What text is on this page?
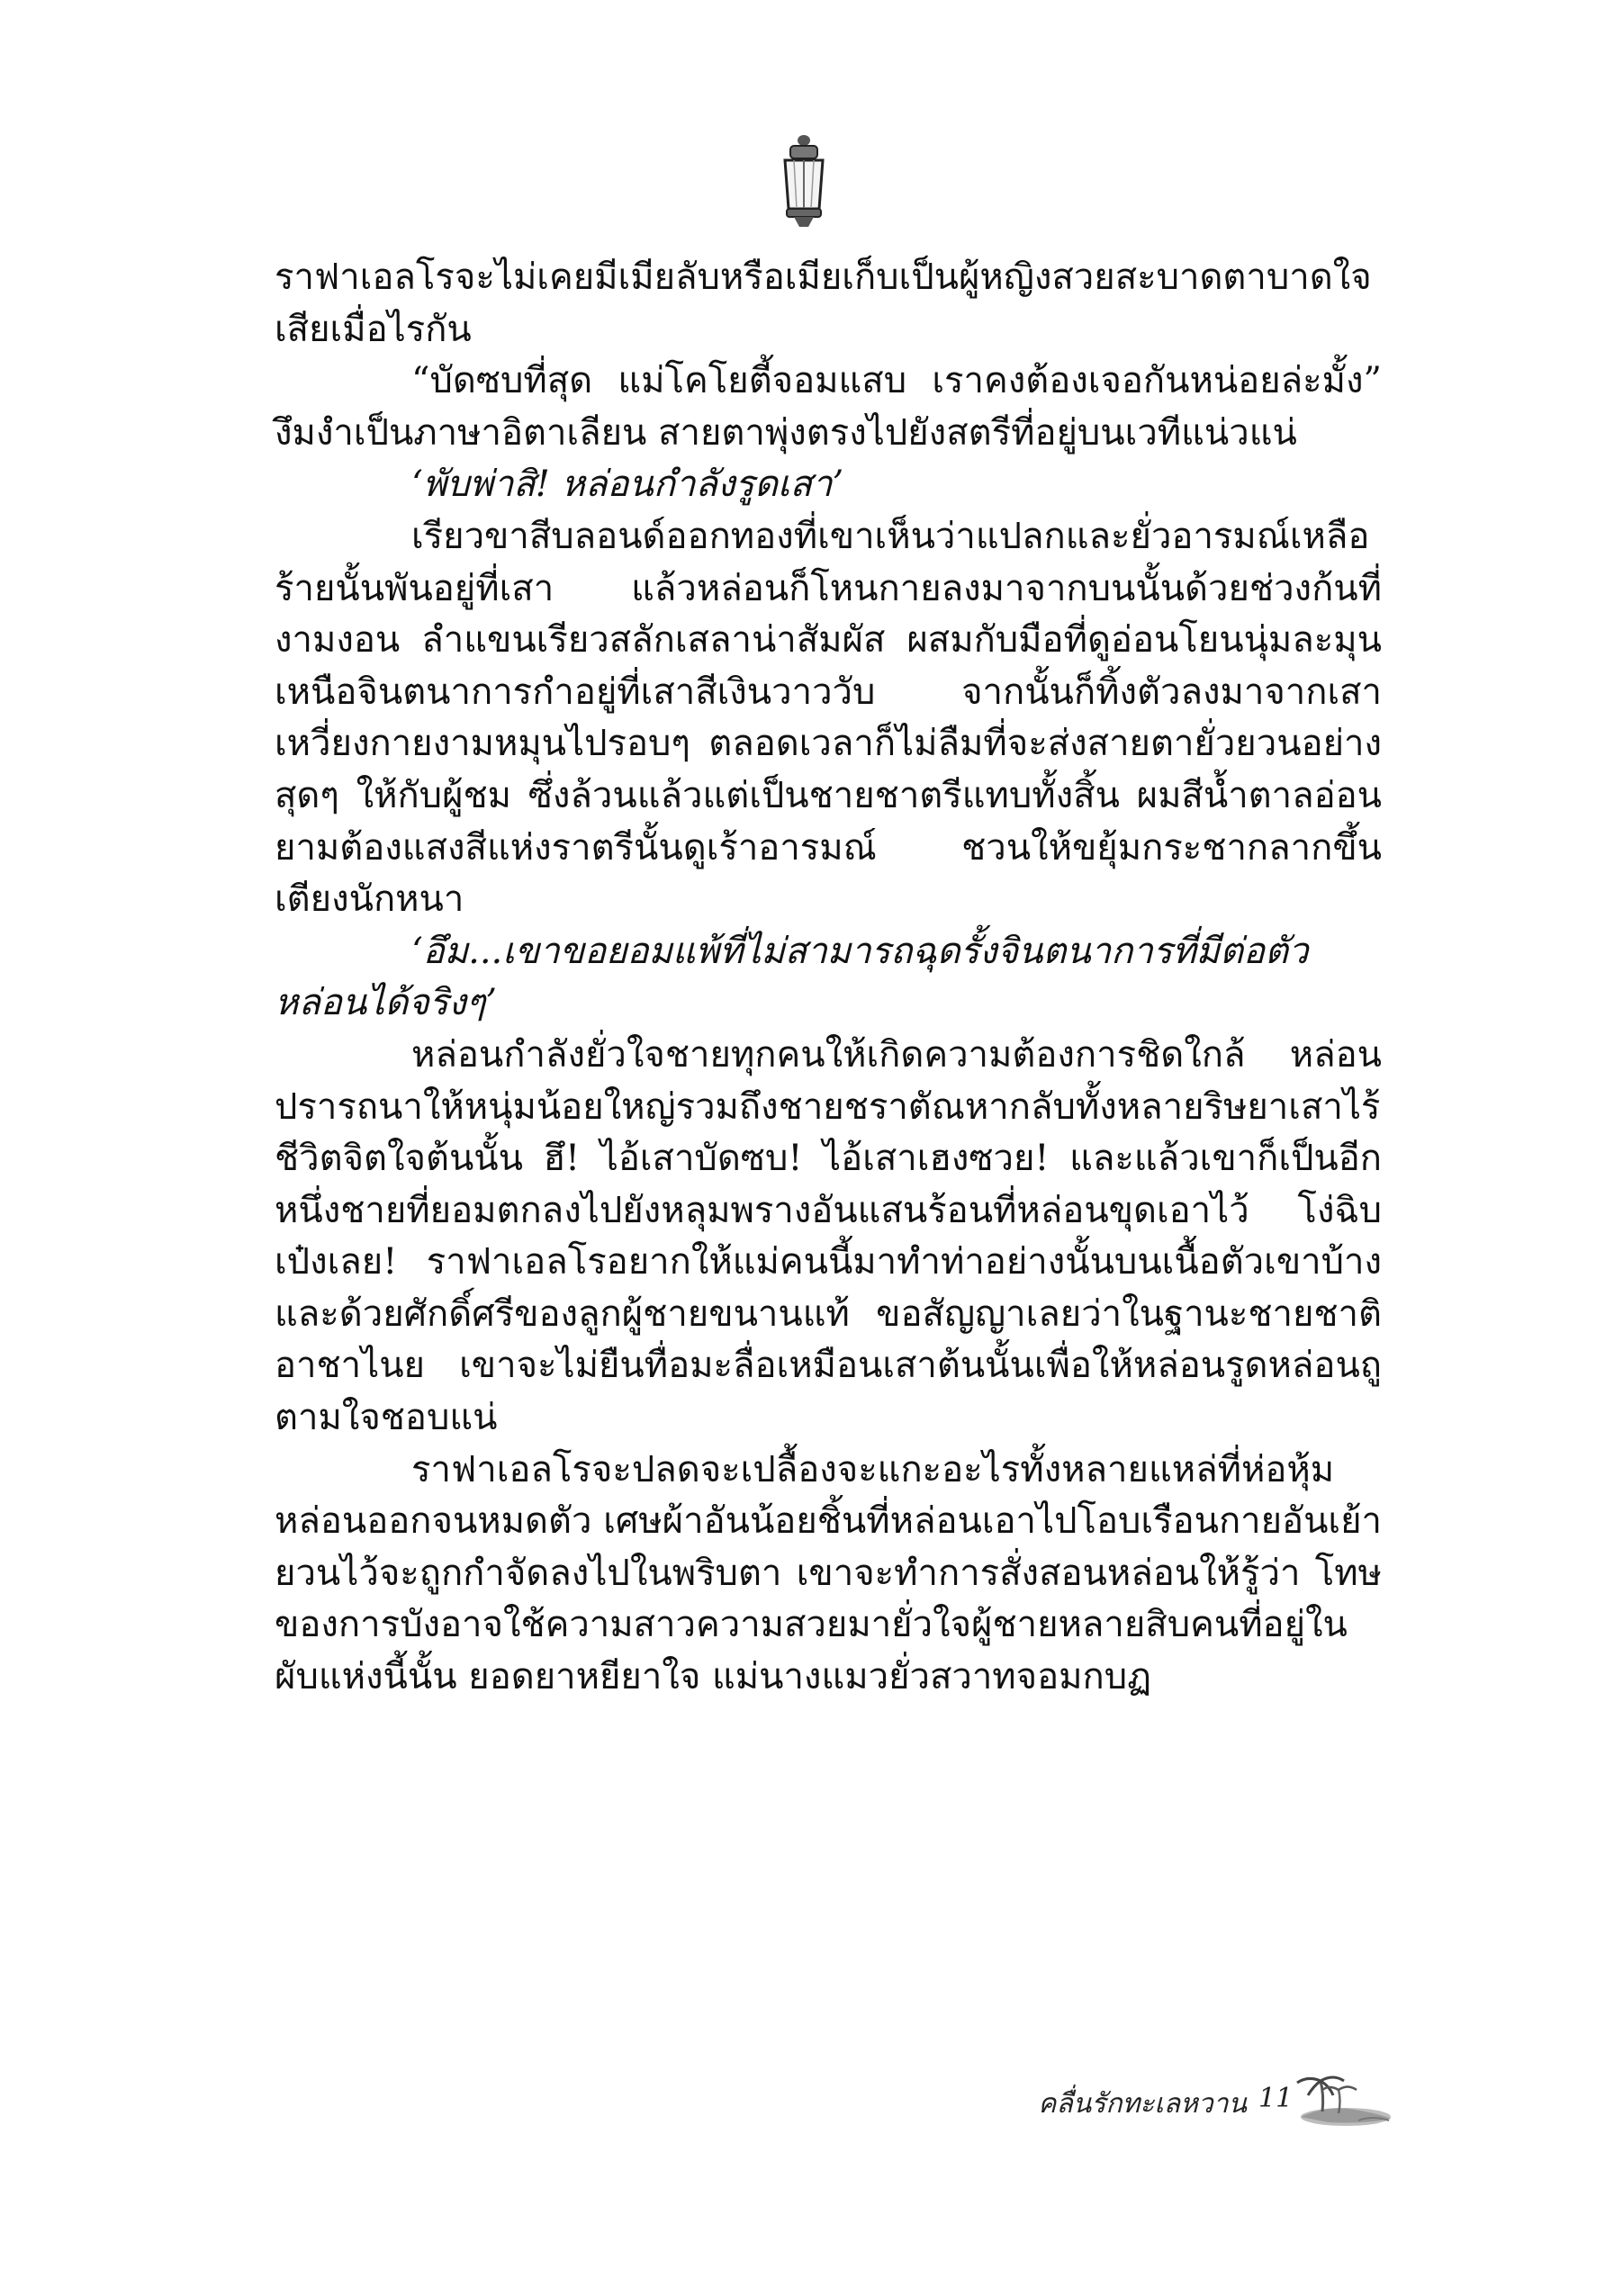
ราฟาเอลโรจะไม่เคยมีเมียลับหรือเมียเก็บเป็นผู้หญิงสวยสะบาดตาบาดใจเสียเมื่อไรกัน

“บัดซบที่สุด แม่โคโยตี้จอมแสบ เราคงต้องเจอกันหน่อยล่ะมั้ง” งึมงำเป็นภาษาอิตาเลียน สายตาพุ่งตรงไปยังสตรีที่อยู่บนเวทีแน่วแน่

‘พับพ่าสิ! หล่อนกำลังรูดเสา’

เรียวขาสีบลอนด์ออกทองที่เขาเห็นว่าแปลกและยั่วอารมณ์เหลือร้ายนั้นพันอยู่ที่เสา แล้วหล่อนก็โหนกายลงมาจากบนนั้นด้วยช่วงก้นที่งามงอน ลำแขนเรียวสลักเสลาน่าสัมผัส ผสมกับมือที่ดูอ่อนโยนนุ่มละมุนเหนือจินตนาการกำอยู่ที่เสาสีเงินวาววับ จากนั้นก็ทิ้งตัวลงมาจากเสา เหวี่ยงกายงามหมุนไปรอบๆ ตลอดเวลาก็ไม่ลืมที่จะส่งสายตายั่วยวนอย่างสุดๆ ให้กับผู้ชม ซึ่งล้วนแล้วแต่เป็นชายชาตรีแทบทั้งสิ้น ผมสีน้ำตาลอ่อนยามต้องแสงสีแห่งราตรีนั้นดูเร้าอารมณ์ ชวนให้ขยุ้มกระชากลากขึ้นเตียงนักหนา

‘อึม...เขาขอยอมแพ้ที่ไม่สามารถฉุดรั้งจินตนาการที่มีต่อตัวหล่อนได้จริงๆ’

หล่อนกำลังยั่วใจชายทุกคนให้เกิดความต้องการชิดใกล้ หล่อนปรารถนาให้หนุ่มน้อยใหญ่รวมถึงชายชราตัณหากลับทั้งหลายริษยาเสาไร้ชีวิตจิตใจต้นนั้น ฮึ! ไอ้เสาบัดซบ! ไอ้เสาเฮงซวย! และแล้วเขาก็เป็นอีกหนึ่งชายที่ยอมตกลงไปยังหลุมพรางอันแสนร้อนที่หล่อนขุดเอาไว้ โง่ฉิบเป๋งเลย! ราฟาเอลโรอยากให้แม่คนนี้มาทำท่าอย่างนั้นบนเนื้อตัวเขาบ้าง และด้วยศักดิ์ศรีของลูกผู้ชายขนานแท้ ขอสัญญาเลยว่าในฐานะชายชาติอาชาไนย เขาจะไม่ยืนทื่อมะลื่อเหมือนเสาต้นนั้นเพื่อให้หล่อนรูดหล่อนถูตามใจชอบแน่

ราฟาเอลโรจะปลดจะเปลื้องจะแกะอะไรทั้งหลายแหล่ที่ห่อหุ้มหล่อนออกจนหมดตัว เศษผ้าอันน้อยชิ้นที่หล่อนเอาไปโอบเรือนกายอันเย้ายวนไว้จะถูกกำจัดลงไปในพริบตา เขาจะทำการสั่งสอนหล่อนให้รู้ว่า โทษของการบังอาจใช้ความสาวความสวยมายั่วใจผู้ชายหลายสิบคนที่อยู่ในผับแห่งนี้นั้น ยอดยาหยียาใจ แม่นางแมวยั่วสวาทจอมกบฏ

คลื่นรักทะเลหวาน 11
